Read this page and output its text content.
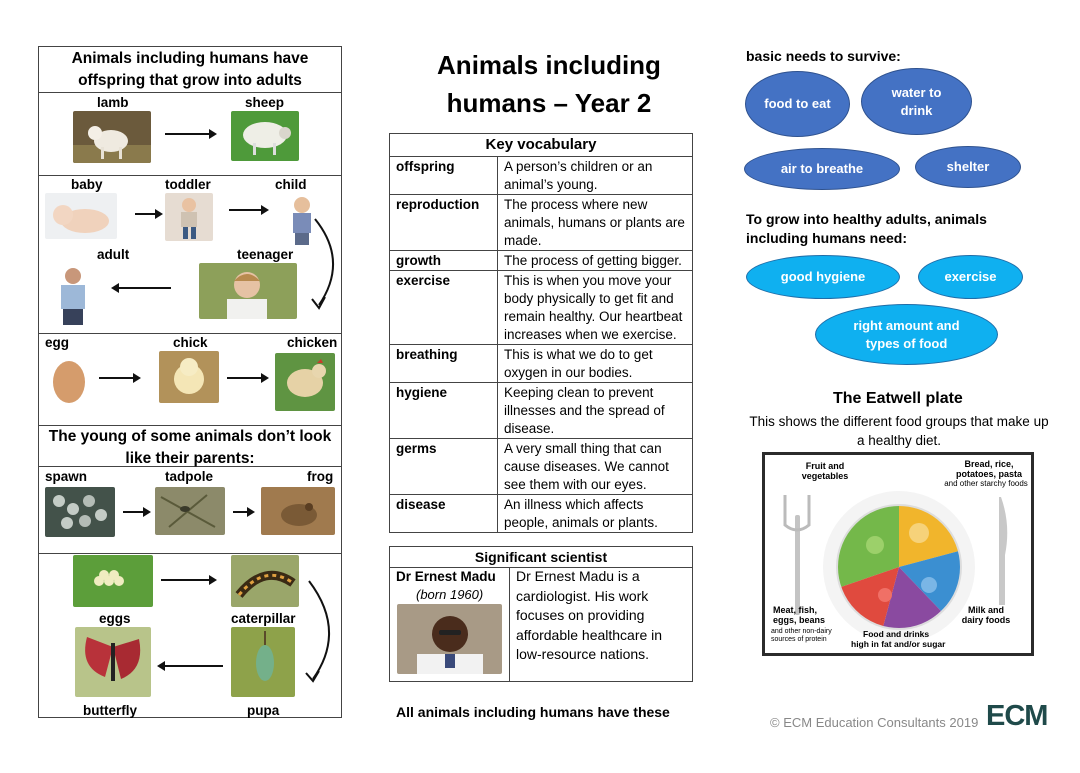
Animals including humans have offspring that grow into adults
lamb	sheep
baby	toddler	child
adult	teenager
egg	chick	chicken
The young of some animals don’t look like their parents:
spawn	tadpole	frog
eggs	caterpillar
butterfly	pupa
Animals including
humans – Year 2
Key vocabulary	
offspring	A person’s children or an animal’s young.
reproduction	The process where new animals, humans or plants are made.
growth	The process of getting bigger.
exercise	This is when you move your body physically to get fit and remain healthy. Our heartbeat increases when we exercise.
breathing	This is what we do to get oxygen in our bodies.
hygiene	Keeping clean to prevent illnesses and the spread of disease.
germs	A very small thing that can cause diseases. We cannot see them with our eyes.
disease	An illness which affects people, animals or plants.
Significant scientist
Dr Ernest Madu
(born 1960)
Dr Ernest Madu is a cardiologist. His work focuses on providing affordable healthcare in low-resource nations.
All animals including humans have these
basic needs to survive:
food to eat
water to drink
air to breathe	shelter
To grow into healthy adults, animals including humans need:
good hygiene	exercise
right amount and types of food
The Eatwell plate
This shows the different food groups that make up a healthy diet.
Fruit and vegetables
Bread, rice, potatoes, pasta
and other starchy foods
Meat, fish, eggs, beans
and other non-dairy sources of protein
Food and drinks
high in fat and/or sugar
Milk and dairy foods
© ECM Education Consultants 2019 ECM
